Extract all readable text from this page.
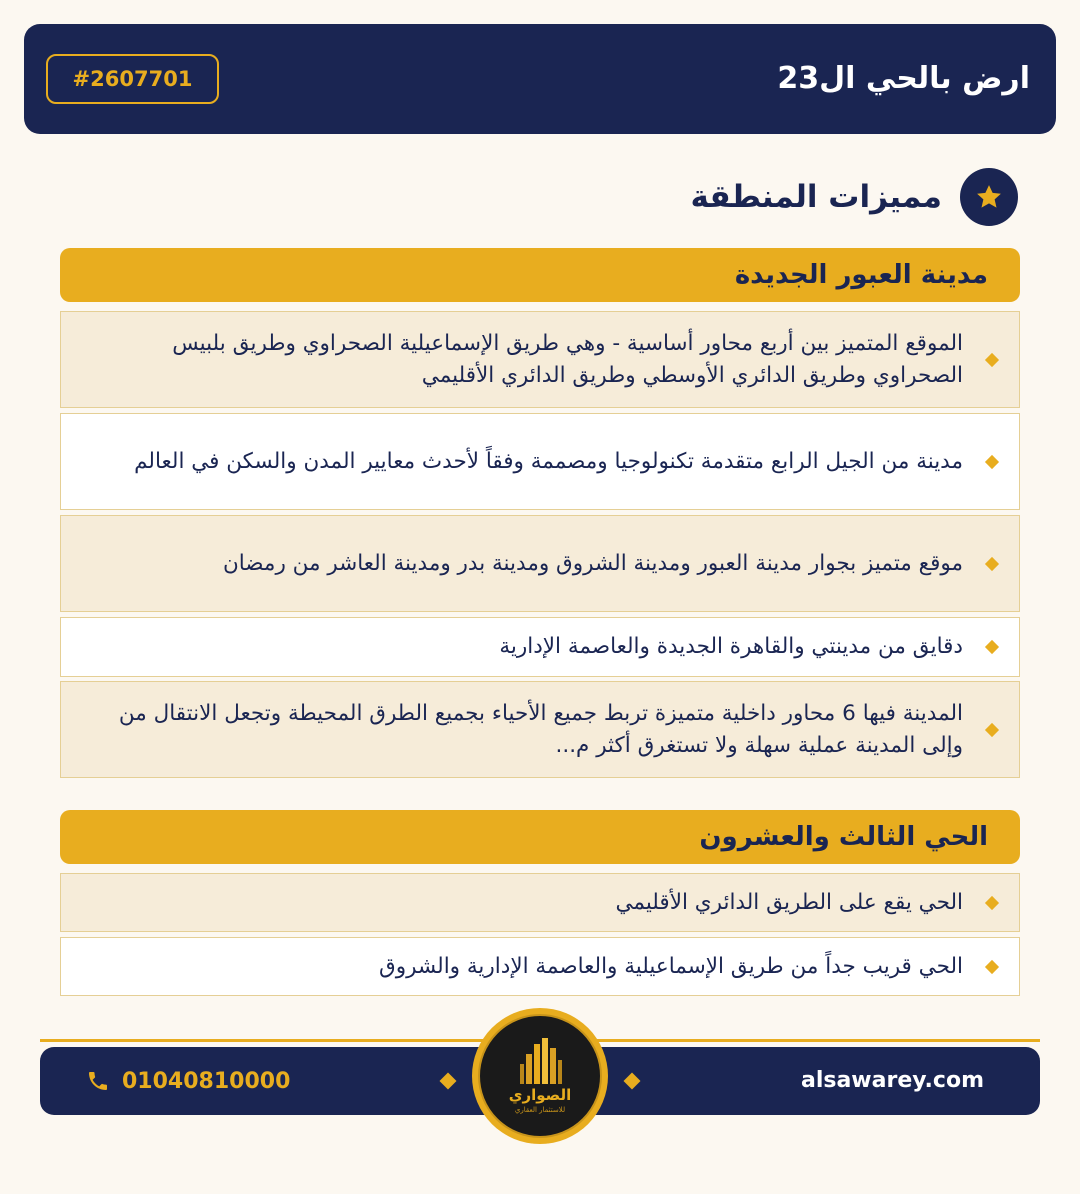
ارض بالحي ال23
#2607701
مميزات المنطقة
مدينة العبور الجديدة
الموقع المتميز بين أربع محاور أساسية - وهي طريق الإسماعيلية الصحراوي وطريق بلبيس الصحراوي وطريق الدائري الأوسطي وطريق الدائري الأقليمي
مدينة من الجيل الرابع متقدمة تكنولوجيا ومصممة وفقاً لأحدث معايير المدن والسكن في العالم
موقع متميز بجوار مدينة العبور ومدينة الشروق ومدينة بدر ومدينة العاشر من رمضان
دقايق من مدينتي والقاهرة الجديدة والعاصمة الإدارية
المدينة فيها 6 محاور داخلية متميزة تربط جميع الأحياء بجميع الطرق المحيطة وتجعل الانتقال من وإلى المدينة عملية سهلة ولا تستغرق أكثر م...
الحي الثالث والعشرون
الحي يقع على الطريق الدائري الأقليمي
الحي قريب جداً من طريق الإسماعيلية والعاصمة الإدارية والشروق
01040810000	alsawarey.com
الصواري
للاستثمار العقاري
